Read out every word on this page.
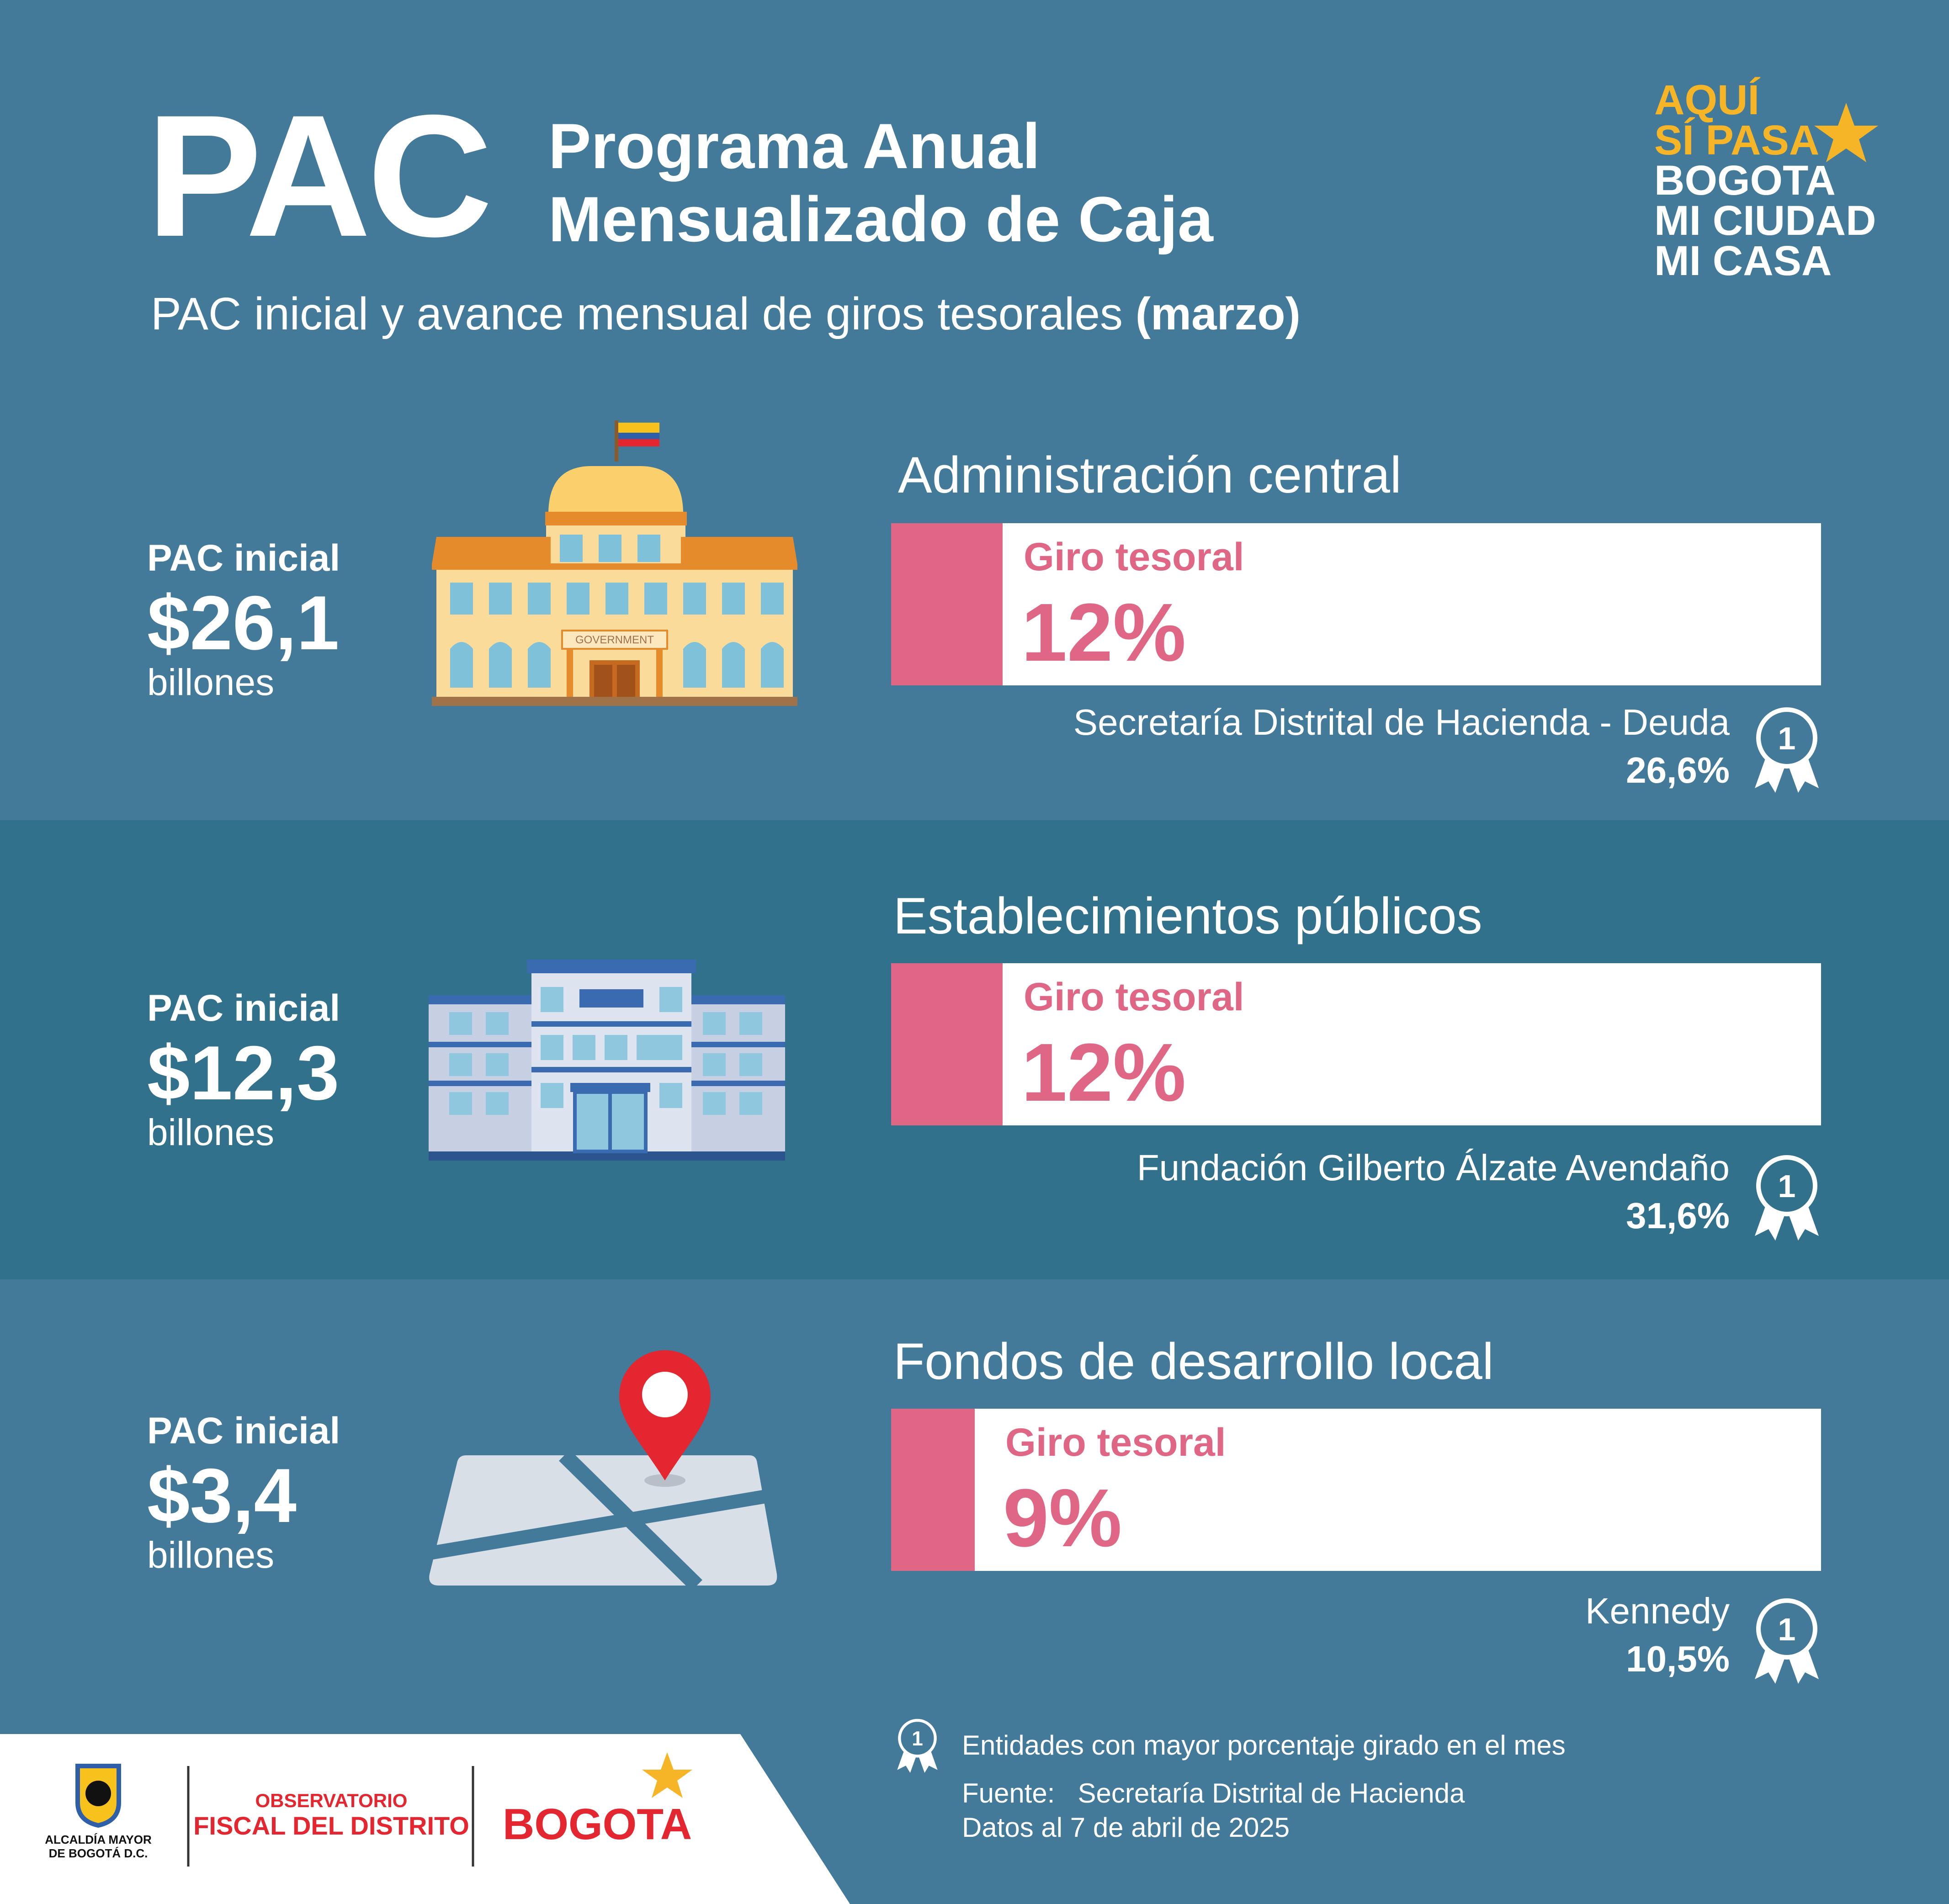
PAC Programa Anual
Mensualizado de Caja
PAC inicial y avance mensual de giros tesorales (marzo)
AQUÍ
SÍ PASA
BOGOTA
MI CIUDAD
MI CASA
PAC inicial
$26,1
billones
GOVERNMENT
Administración central
Giro tesoral
12%
Secretaría Distrital de Hacienda - Deuda
26,6%
1
PAC inicial
$12,3
billones
Establecimientos públicos
Giro tesoral
12%
Fundación Gilberto Álzate Avendaño
31,6%
1
PAC inicial
$3,4
billones
Fondos de desarrollo local
Giro tesoral
9%
Kennedy
10,5%
1
ALCALDÍA MAYOR
DE BOGOTÁ D.C.
OBSERVATORIO
FISCAL DEL DISTRITO BOGOTA
1 Entidades con mayor porcentaje girado en el mes
Fuente:   Secretaría Distrital de Hacienda
Datos al 7 de abril de 2025
